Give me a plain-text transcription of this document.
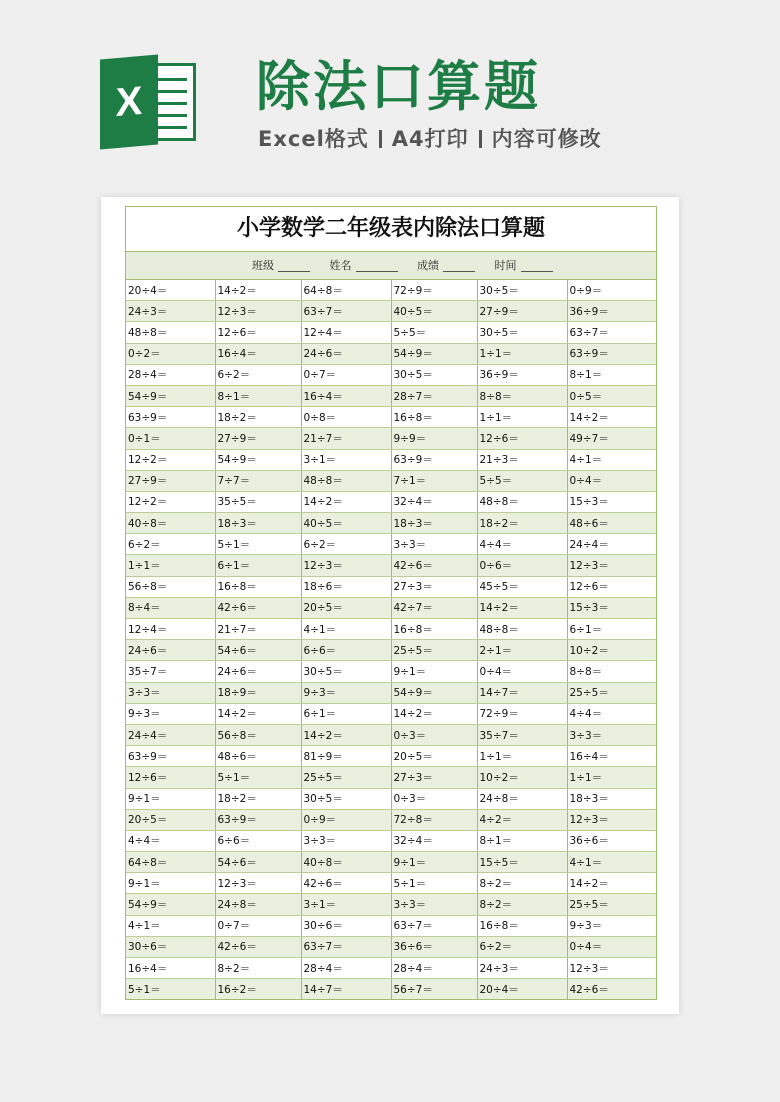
X 除法口算题
Excel格式 A4打印 内容可修改
小学数学二年级表内除法口算题
班级	姓名	成绩	时间
20÷4＝	14÷2＝	64÷8＝	72÷9＝	30÷5＝	0÷9＝
24÷3＝	12÷3＝	63÷7＝	40÷5＝	27÷9＝	36÷9＝
48÷8＝	12÷6＝	12÷4＝	5÷5＝	30÷5＝	63÷7＝
0÷2＝	16÷4＝	24÷6＝	54÷9＝	1÷1＝	63÷9＝
28÷4＝	6÷2＝	0÷7＝	30÷5＝	36÷9＝	8÷1＝
54÷9＝	8÷1＝	16÷4＝	28÷7＝	8÷8＝	0÷5＝
63÷9＝	18÷2＝	0÷8＝	16÷8＝	1÷1＝	14÷2＝
0÷1＝	27÷9＝	21÷7＝	9÷9＝	12÷6＝	49÷7＝
12÷2＝	54÷9＝	3÷1＝	63÷9＝	21÷3＝	4÷1＝
27÷9＝	7÷7＝	48÷8＝	7÷1＝	5÷5＝	0÷4＝
12÷2＝	35÷5＝	14÷2＝	32÷4＝	48÷8＝	15÷3＝
40÷8＝	18÷3＝	40÷5＝	18÷3＝	18÷2＝	48÷6＝
6÷2＝	5÷1＝	6÷2＝	3÷3＝	4÷4＝	24÷4＝
1÷1＝	6÷1＝	12÷3＝	42÷6＝	0÷6＝	12÷3＝
56÷8＝	16÷8＝	18÷6＝	27÷3＝	45÷5＝	12÷6＝
8÷4＝	42÷6＝	20÷5＝	42÷7＝	14÷2＝	15÷3＝
12÷4＝	21÷7＝	4÷1＝	16÷8＝	48÷8＝	6÷1＝
24÷6＝	54÷6＝	6÷6＝	25÷5＝	2÷1＝	10÷2＝
35÷7＝	24÷6＝	30÷5＝	9÷1＝	0÷4＝	8÷8＝
3÷3＝	18÷9＝	9÷3＝	54÷9＝	14÷7＝	25÷5＝
9÷3＝	14÷2＝	6÷1＝	14÷2＝	72÷9＝	4÷4＝
24÷4＝	56÷8＝	14÷2＝	0÷3＝	35÷7＝	3÷3＝
63÷9＝	48÷6＝	81÷9＝	20÷5＝	1÷1＝	16÷4＝
12÷6＝	5÷1＝	25÷5＝	27÷3＝	10÷2＝	1÷1＝
9÷1＝	18÷2＝	30÷5＝	0÷3＝	24÷8＝	18÷3＝
20÷5＝	63÷9＝	0÷9＝	72÷8＝	4÷2＝	12÷3＝
4÷4＝	6÷6＝	3÷3＝	32÷4＝	8÷1＝	36÷6＝
64÷8＝	54÷6＝	40÷8＝	9÷1＝	15÷5＝	4÷1＝
9÷1＝	12÷3＝	42÷6＝	5÷1＝	8÷2＝	14÷2＝
54÷9＝	24÷8＝	3÷1＝	3÷3＝	8÷2＝	25÷5＝
4÷1＝	0÷7＝	30÷6＝	63÷7＝	16÷8＝	9÷3＝
30÷6＝	42÷6＝	63÷7＝	36÷6＝	6÷2＝	0÷4＝
16÷4＝	8÷2＝	28÷4＝	28÷4＝	24÷3＝	12÷3＝
5÷1＝	16÷2＝	14÷7＝	56÷7＝	20÷4＝	42÷6＝
